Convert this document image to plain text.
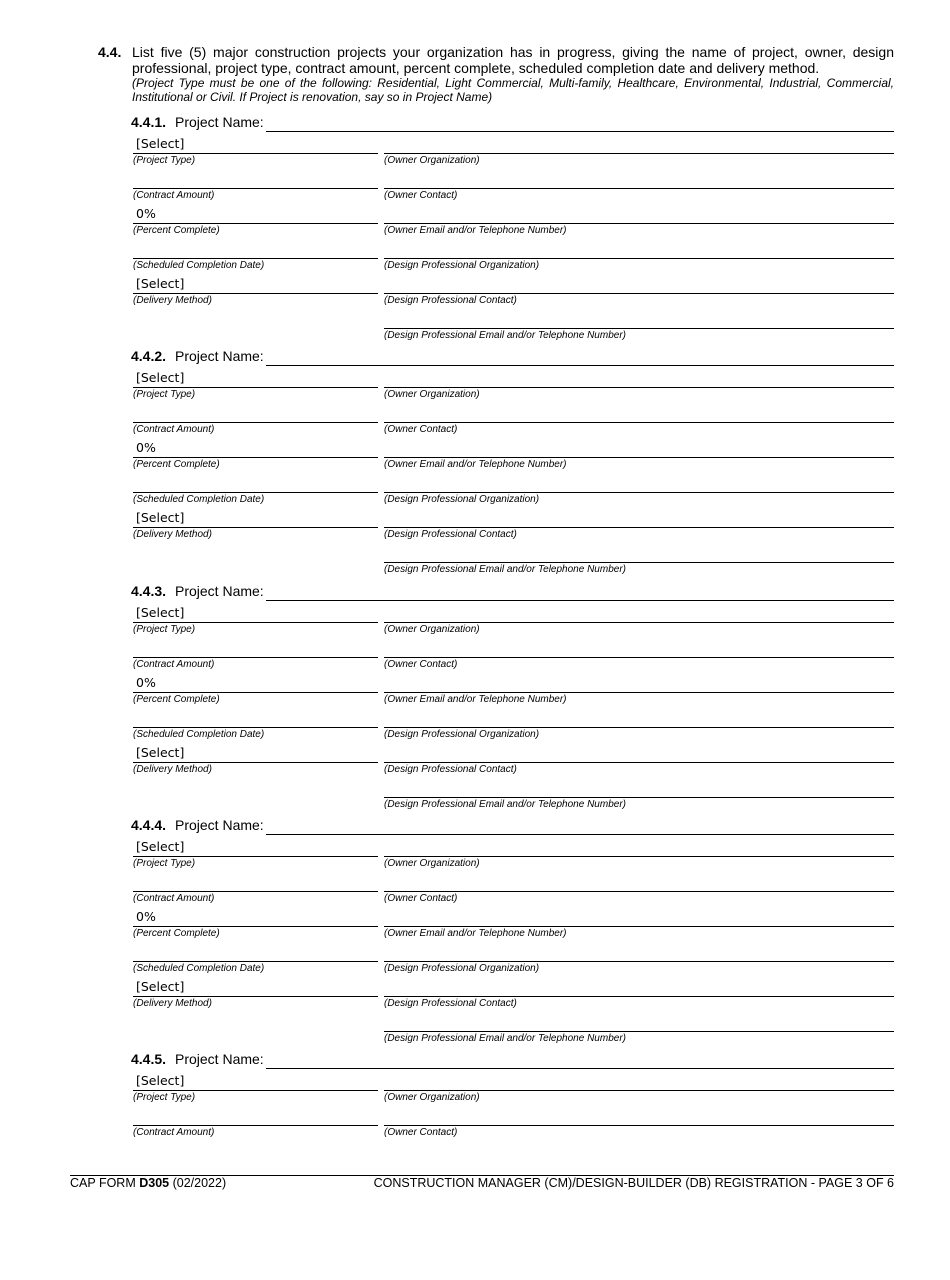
4.4. List five (5) major construction projects your organization has in progress, giving the name of project, owner, design professional, project type, contract amount, percent complete, scheduled completion date and delivery method.
(Project Type must be one of the following: Residential, Light Commercial, Multi-family, Healthcare, Environmental, Industrial, Commercial, Institutional or Civil. If Project is renovation, say so in Project Name)
4.4.1. Project Name:
[Select]
(Project Type)
(Contract Amount)
0%
(Percent Complete)
(Scheduled Completion Date)
[Select]
(Delivery Method)
(Owner Organization)
(Owner Contact)
(Owner Email and/or Telephone Number)
(Design Professional Organization)
(Design Professional Contact)
(Design Professional Email and/or Telephone Number)
4.4.2. Project Name:
[Select]
(Project Type)
(Contract Amount)
0%
(Percent Complete)
(Scheduled Completion Date)
[Select]
(Delivery Method)
(Owner Organization)
(Owner Contact)
(Owner Email and/or Telephone Number)
(Design Professional Organization)
(Design Professional Contact)
(Design Professional Email and/or Telephone Number)
4.4.3. Project Name:
[Select]
(Project Type)
(Contract Amount)
0%
(Percent Complete)
(Scheduled Completion Date)
[Select]
(Delivery Method)
(Owner Organization)
(Owner Contact)
(Owner Email and/or Telephone Number)
(Design Professional Organization)
(Design Professional Contact)
(Design Professional Email and/or Telephone Number)
4.4.4. Project Name:
[Select]
(Project Type)
(Contract Amount)
0%
(Percent Complete)
(Scheduled Completion Date)
[Select]
(Delivery Method)
(Owner Organization)
(Owner Contact)
(Owner Email and/or Telephone Number)
(Design Professional Organization)
(Design Professional Contact)
(Design Professional Email and/or Telephone Number)
4.4.5. Project Name:
[Select]
(Project Type)
(Contract Amount)
(Owner Organization)
(Owner Contact)
CAP FORM D305 (02/2022)	CONSTRUCTION MANAGER (CM)/DESIGN-BUILDER (DB) REGISTRATION - PAGE 3 OF 6
